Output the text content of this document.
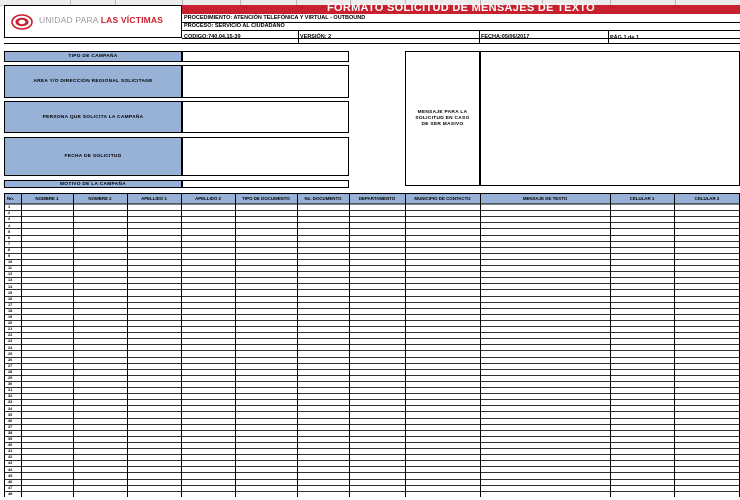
UNIDAD PARA LAS VÍCTIMAS
FORMATO SOLICITUD DE MENSAJES DE TEXTO
PROCEDIMIENTO: ATENCIÓN TELEFÓNICA Y VIRTUAL - OUTBOUND
PROCESO: SERVICIO AL CIUDADANO
CODIGO:740,04,15-39	VERSIÓN: 2	FECHA:05/06/2017	PÁG 1 de 1
TIPO DE CAMPAÑA
AREA Y/O DIRECCION REGIONAL SOLICITANE
PERSONA QUE SOLICITA LA CAMPAÑA
FECHA DE SOLICITUD
MOTIVO DE LA CAMPAÑA
MENSAJE PARA LA SOLICITUD EN CASO DE SER MASIVO
No.	NOMBRE 1	NOMBRE 2	APELLIDO 1	APELLIDO 2	TIPO DE DOCUMENTO	No. DOCUMENTO	DEPARTAMENTO	MUNICIPIO DE CONTACTO	MENSAJE DE TEXTO	CELULAR 1	CELULAR 2
1
2
3
4
5
6
7
8
9
10
11
12
13
14
15
16
17
18
19
20
21
22
23
24
25
26
27
28
29
30
31
32
33
34
35
36
37
38
39
40
41
42
43
44
45
46
47
48
